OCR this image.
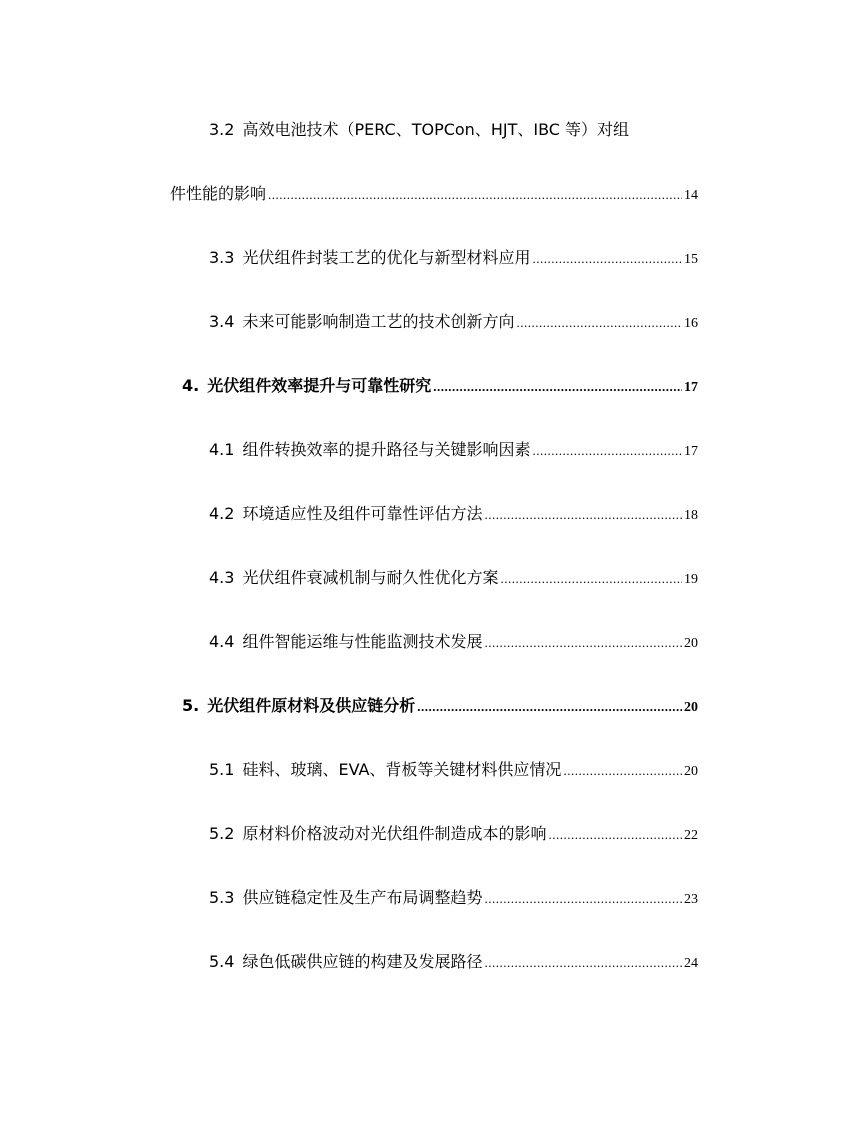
3.2 高效电池技术（PERC、TOPCon、HJT、IBC 等）对组
件性能的影响 .....	14
3.3 光伏组件封装工艺的优化与新型材料应用 .....	15
3.4 未来可能影响制造工艺的技术创新方向 .....	16
4. 光伏组件效率提升与可靠性研究 .....	17
4.1 组件转换效率的提升路径与关键影响因素 .....	17
4.2 环境适应性及组件可靠性评估方法 .....	18
4.3 光伏组件衰减机制与耐久性优化方案 .....	19
4.4 组件智能运维与性能监测技术发展 .....	20
5. 光伏组件原材料及供应链分析 .....	20
5.1 硅料、玻璃、EVA、背板等关键材料供应情况 .....	20
5.2 原材料价格波动对光伏组件制造成本的影响 .....	22
5.3 供应链稳定性及生产布局调整趋势 .....	23
5.4 绿色低碳供应链的构建及发展路径 .....	24
